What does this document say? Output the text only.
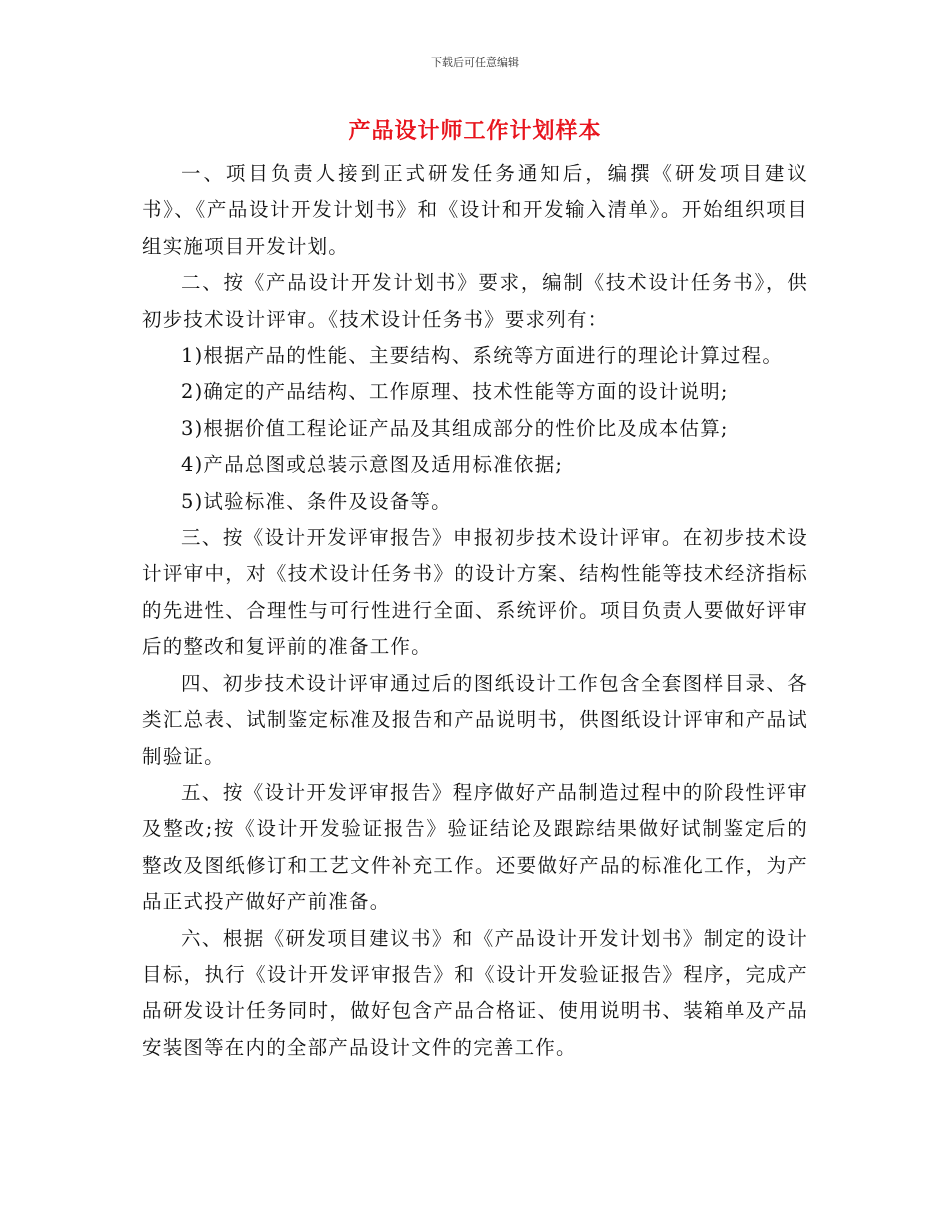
下载后可任意编辑
产品设计师工作计划样本

一、项目负责人接到正式研发任务通知后，编撰《研发项目建议书》、《产品设计开发计划书》和《设计和开发输入清单》。开始组织项目组实施项目开发计划。

二、按《产品设计开发计划书》要求，编制《技术设计任务书》，供初步技术设计评审。《技术设计任务书》要求列有：

1)根据产品的性能、主要结构、系统等方面进行的理论计算过程。

2)确定的产品结构、工作原理、技术性能等方面的设计说明;

3)根据价值工程论证产品及其组成部分的性价比及成本估算;

4)产品总图或总装示意图及适用标准依据;

5)试验标准、条件及设备等。

三、按《设计开发评审报告》申报初步技术设计评审。在初步技术设计评审中，对《技术设计任务书》的设计方案、结构性能等技术经济指标的先进性、合理性与可行性进行全面、系统评价。项目负责人要做好评审后的整改和复评前的准备工作。

四、初步技术设计评审通过后的图纸设计工作包含全套图样目录、各类汇总表、试制鉴定标准及报告和产品说明书，供图纸设计评审和产品试制验证。

五、按《设计开发评审报告》程序做好产品制造过程中的阶段性评审及整改;按《设计开发验证报告》验证结论及跟踪结果做好试制鉴定后的整改及图纸修订和工艺文件补充工作。还要做好产品的标准化工作，为产品正式投产做好产前准备。

六、根据《研发项目建议书》和《产品设计开发计划书》制定的设计目标，执行《设计开发评审报告》和《设计开发验证报告》程序，完成产品研发设计任务同时，做好包含产品合格证、使用说明书、装箱单及产品安装图等在内的全部产品设计文件的完善工作。
